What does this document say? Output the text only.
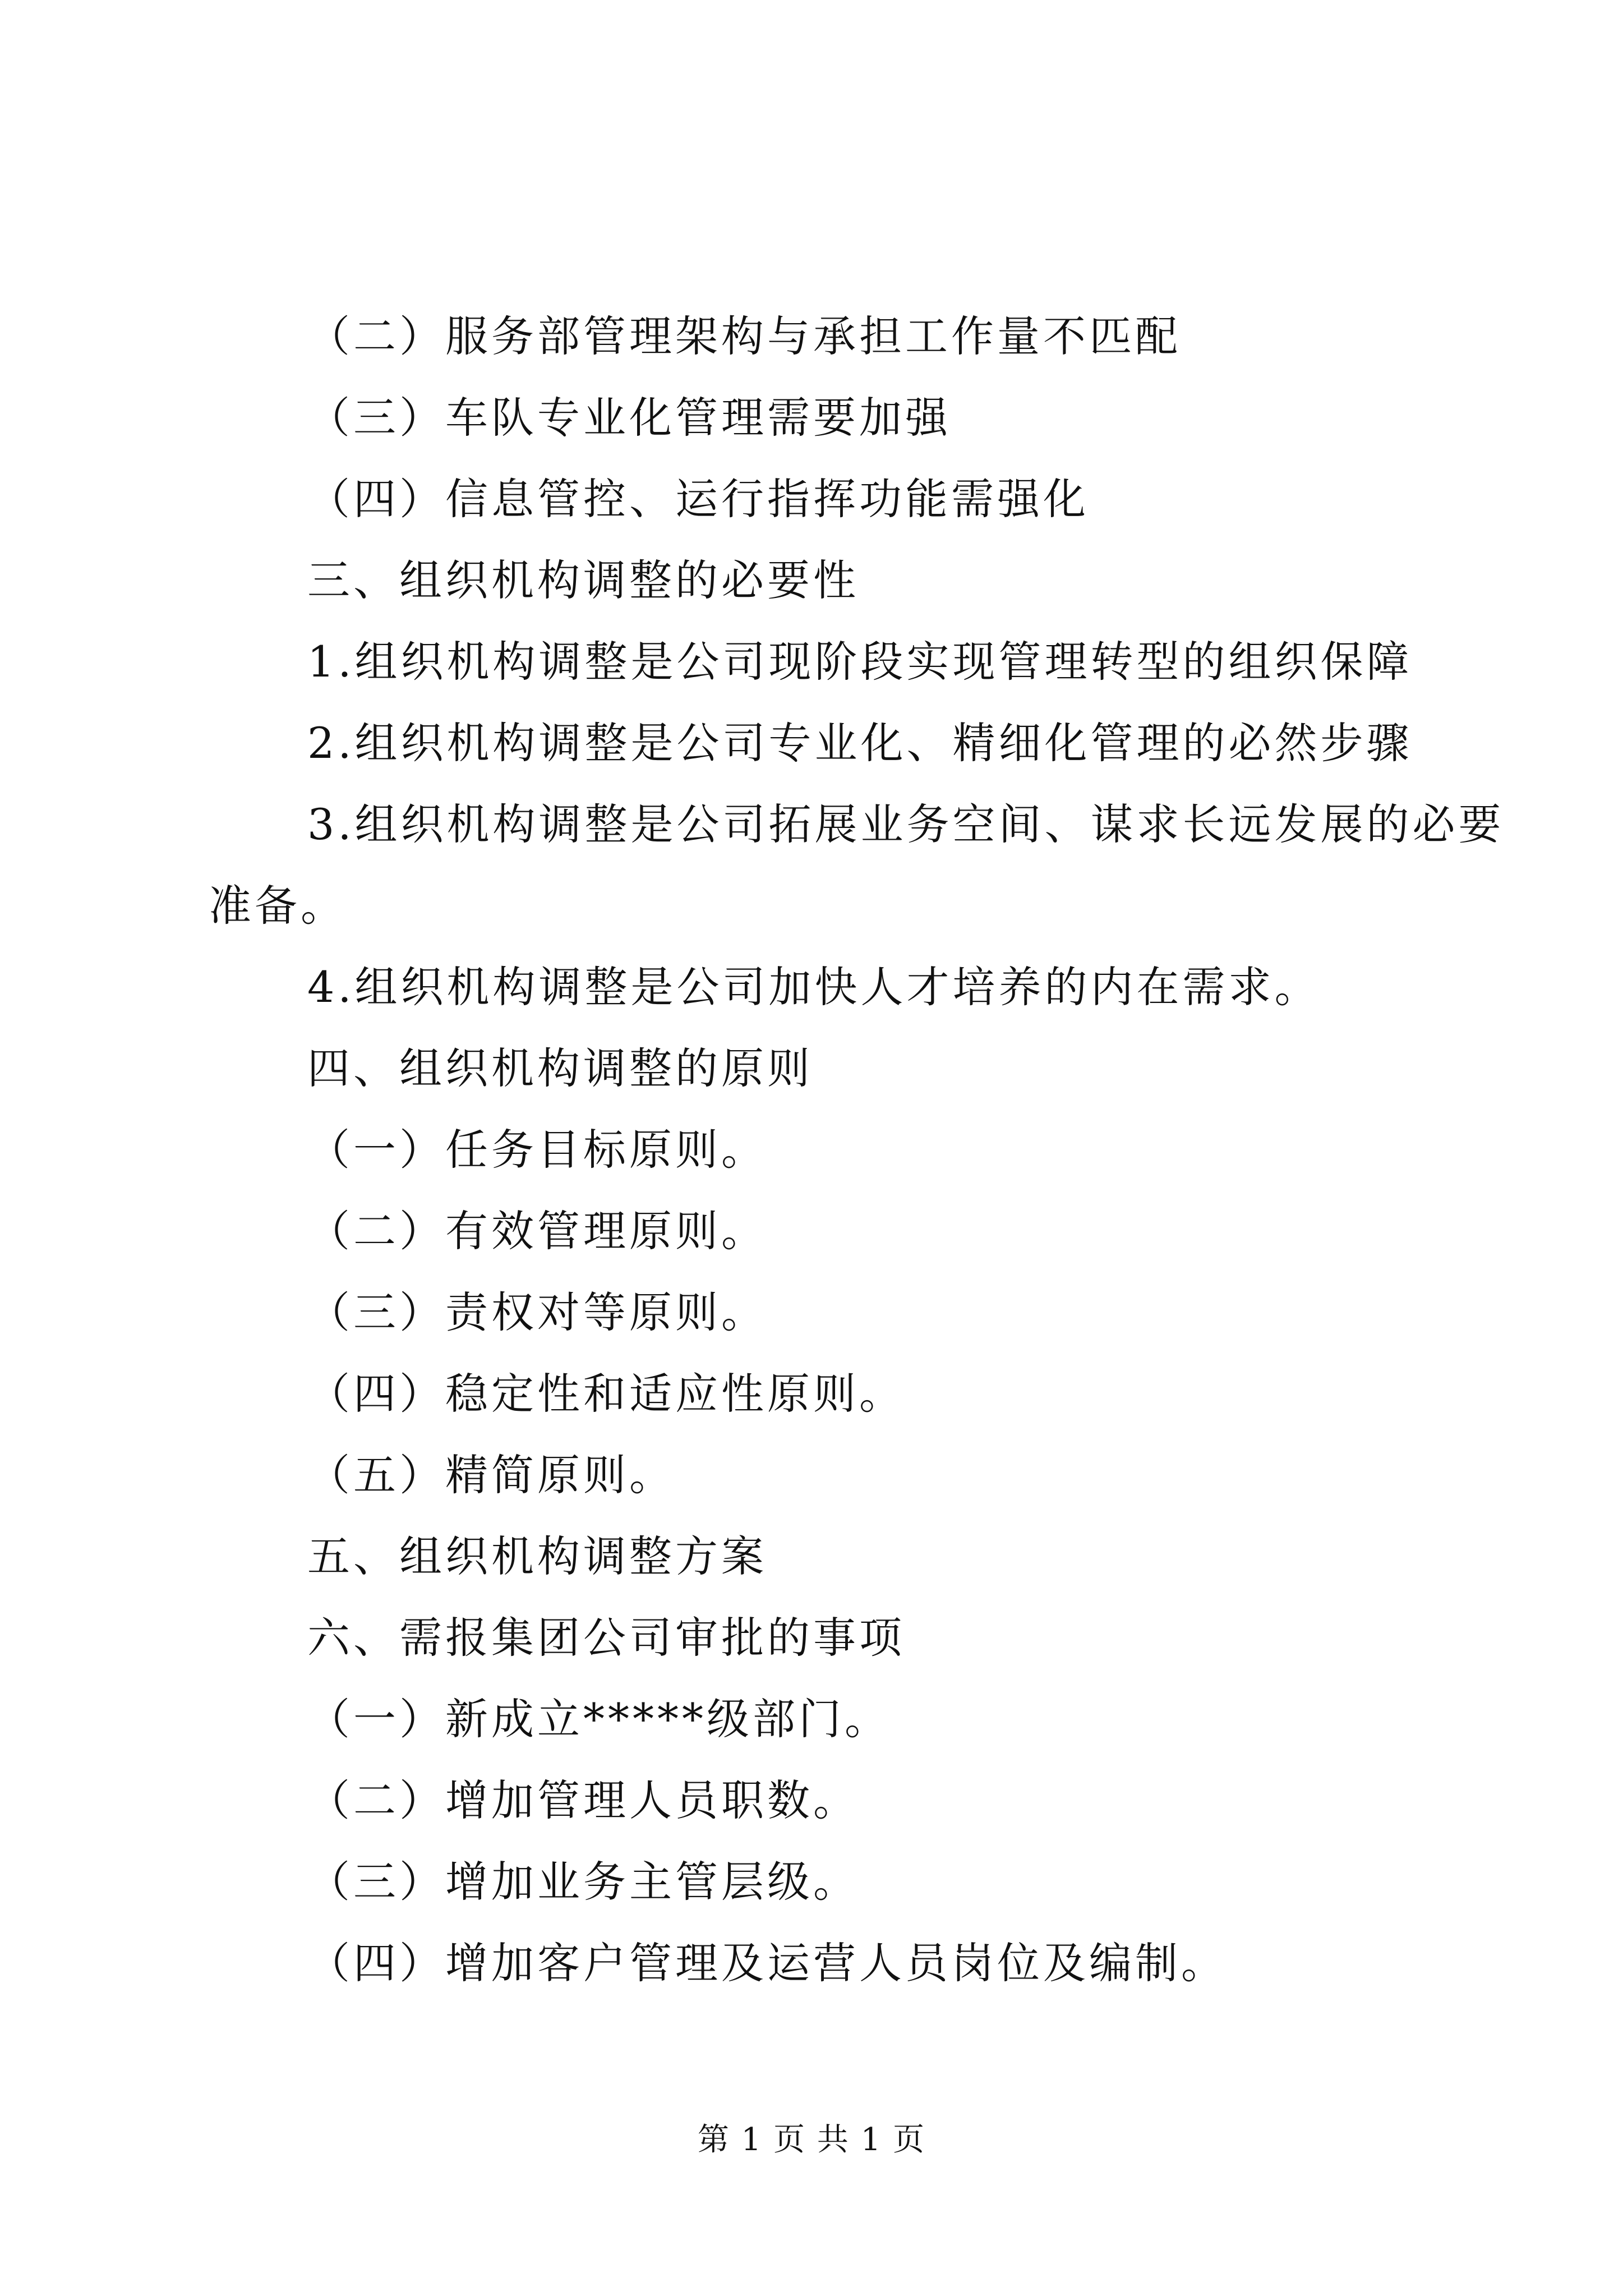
（二）服务部管理架构与承担工作量不匹配
（三）车队专业化管理需要加强
（四）信息管控、运行指挥功能需强化
三、组织机构调整的必要性
1.组织机构调整是公司现阶段实现管理转型的组织保障
2.组织机构调整是公司专业化、精细化管理的必然步骤
3.组织机构调整是公司拓展业务空间、谋求长远发展的必要
准备。
4.组织机构调整是公司加快人才培养的内在需求。
四、组织机构调整的原则
（一）任务目标原则。
（二）有效管理原则。
（三）责权对等原则。
（四）稳定性和适应性原则。
（五）精简原则。
五、组织机构调整方案
六、需报集团公司审批的事项
（一）新成立*****级部门。
（二）增加管理人员职数。
（三）增加业务主管层级。
（四）增加客户管理及运营人员岗位及编制。
第 1 页 共 1 页
